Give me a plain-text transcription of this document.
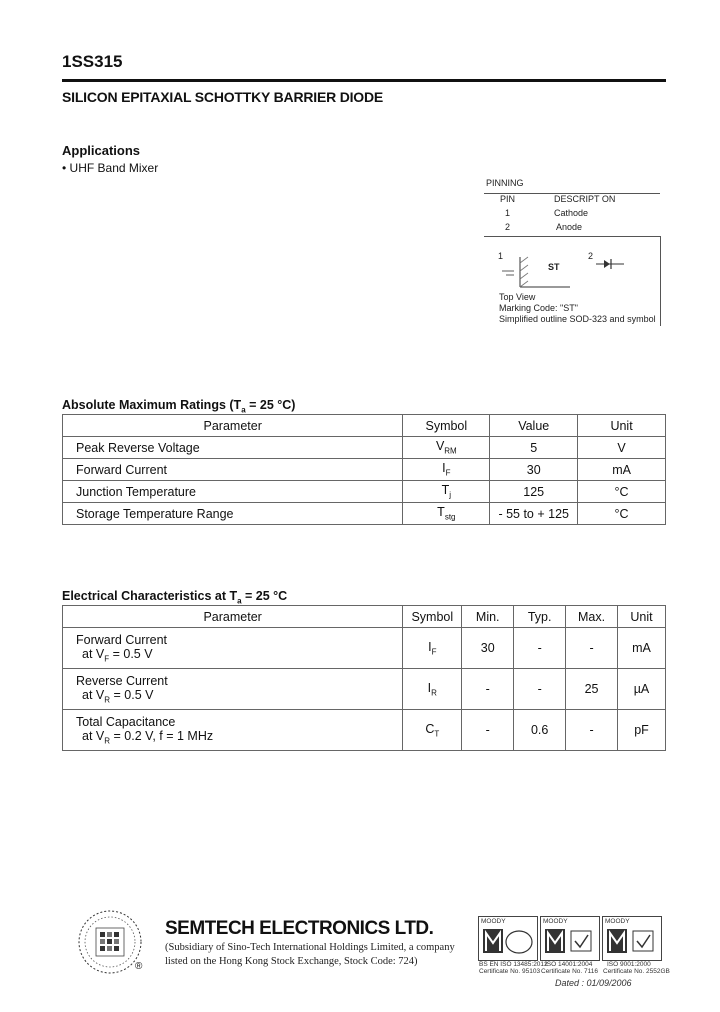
1SS315
SILICON EPITAXIAL SCHOTTKY BARRIER DIODE
Applications
• UHF Band Mixer
PINNING
PIN	DESCRIPT ON
1	Cathode
2	Anode
1	2
ST
Top View
Marking Code: "ST"
Simplified outline SOD-323 and symbol
Absolute Maximum Ratings ($T_a = 25$ °C)
Parameter	Symbol	Value	Unit
Peak Reverse Voltage	$V_{RM}$	5	V
Forward Current	$I_F$	30	mA
Junction Temperature	$T_j$	125	°C
Storage Temperature Range	$T_{stg}$	- 55 to + 125	°C
Electrical Characteristics at $T_a = 25$ °C
Parameter	Symbol	Min.	Typ.	Max.	Unit

Forward Current
at $V_F = 0.5$ V	$I_F$	30	-	-	mA

Reverse Current
at $V_R = 0.5$ V	$I_R$	-	-	25	µA

Total Capacitance
at $V_R = 0.2$ V, f = 1 MHz	$C_T$	-	0.6	-	pF
®
SEMTECH ELECTRONICS LTD.
(Subsidiary of Sino-Tech International Holdings Limited, a company
listed on the Hong Kong Stock Exchange, Stock Code: 724)
MOODY	MOODY	MOODY
BS EN ISO 13485:2012
Certificate No. 95103
ISO 14001:2004
Certificate No. 7116
ISO 9001:2000
Certificate No. 2552GB
Dated : 01/09/2006
